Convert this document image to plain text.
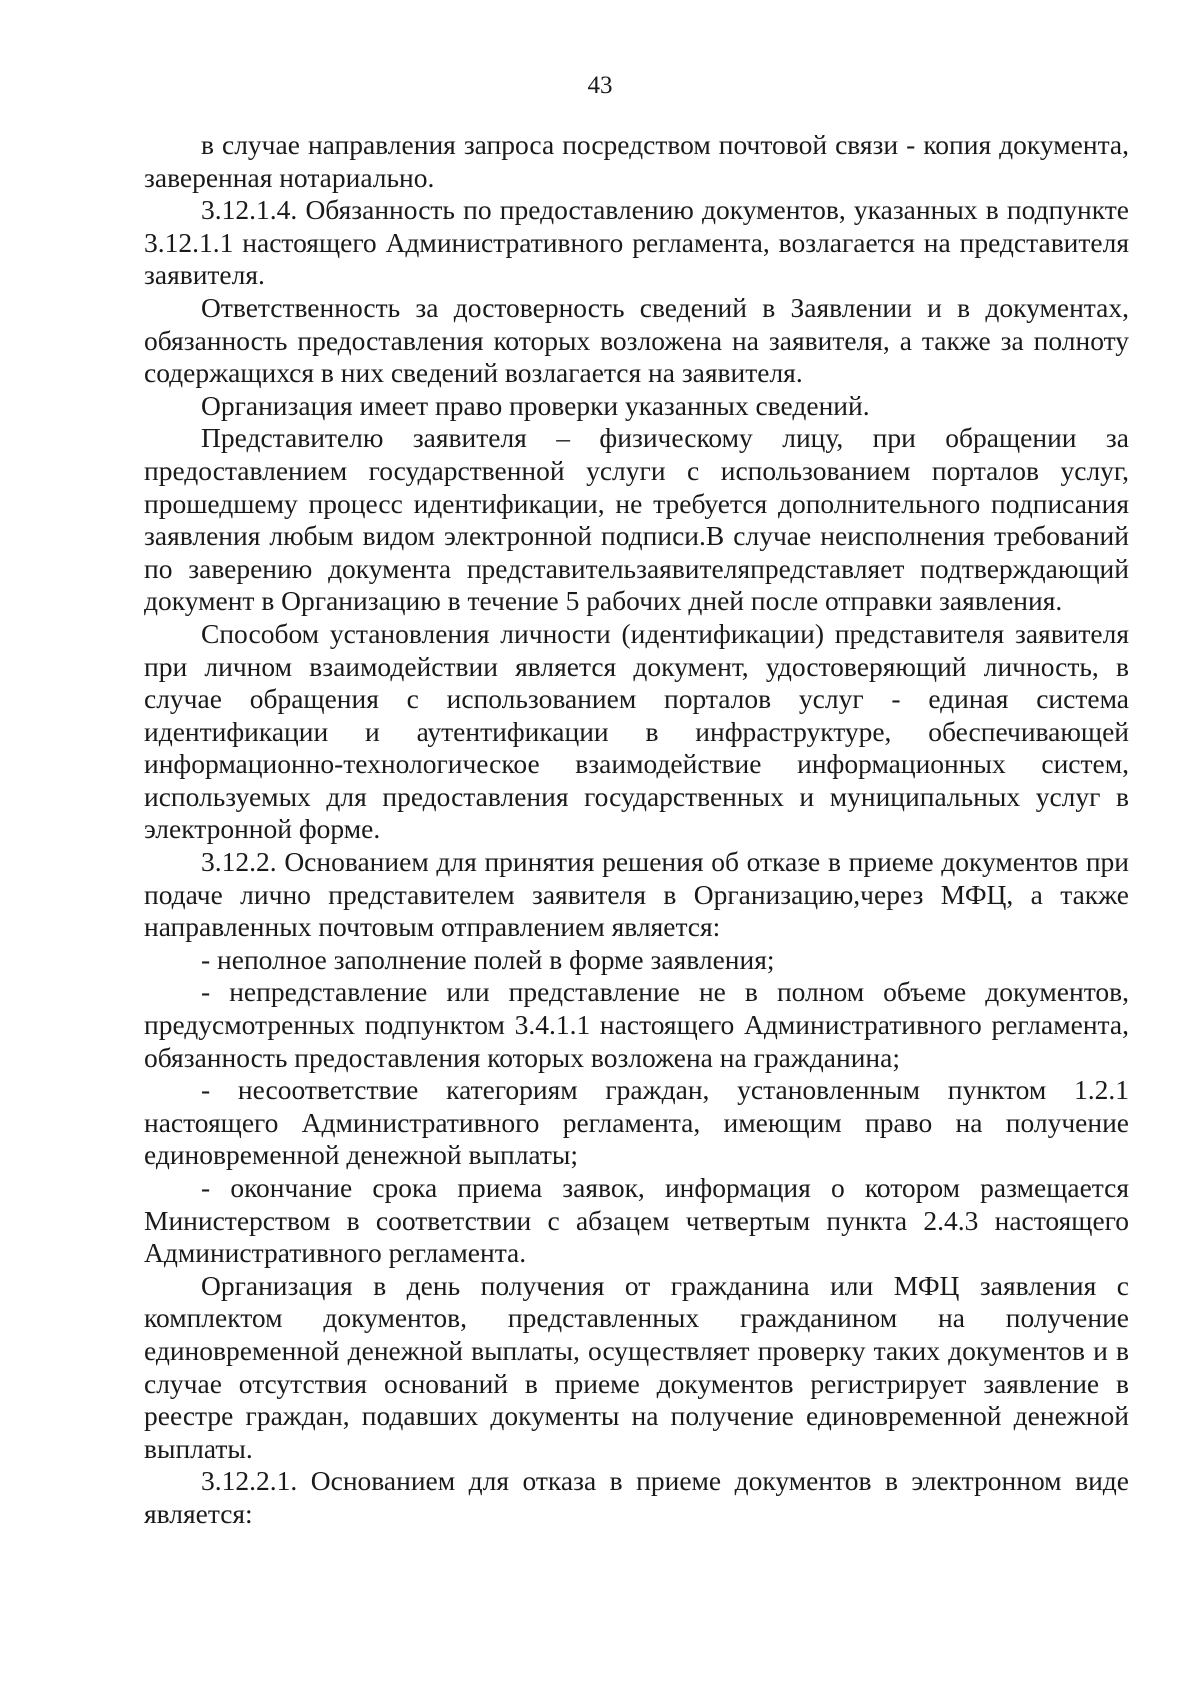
43

в случае направления запроса посредством почтовой связи - копия документа, заверенная нотариально.

3.12.1.4. Обязанность по предоставлению документов, указанных в подпункте 3.12.1.1 настоящего Административного регламента, возлагается на представителя заявителя.

Ответственность за достоверность сведений в Заявлении и в документах, обязанность предоставления которых возложена на заявителя, а также за полноту содержащихся в них сведений возлагается на заявителя.

Организация имеет право проверки указанных сведений.

Представителю заявителя – физическому лицу, при обращении за предоставлением государственной услуги с использованием порталов услуг, прошедшему процесс идентификации, не требуется дополнительного подписания заявления любым видом электронной подписи.В случае неисполнения требований по заверению документа представительзаявителяпредставляет подтверждающий документ в Организацию в течение 5 рабочих дней после отправки заявления.

Способом установления личности (идентификации) представителя заявителя при личном взаимодействии является документ, удостоверяющий личность, в случае обращения с использованием порталов услуг - единая система идентификации и аутентификации в инфраструктуре, обеспечивающей информационно-технологическое взаимодействие информационных систем, используемых для предоставления государственных и муниципальных услуг в электронной форме.

3.12.2. Основанием для принятия решения об отказе в приеме документов при подаче лично представителем заявителя в Организацию,через МФЦ, а также направленных почтовым отправлением является:

- неполное заполнение полей в форме заявления;

- непредставление или представление не в полном объеме документов, предусмотренных подпунктом 3.4.1.1 настоящего Административного регламента, обязанность предоставления которых возложена на гражданина;

- несоответствие категориям граждан, установленным пунктом 1.2.1 настоящего Административного регламента, имеющим право на получение единовременной денежной выплаты;

- окончание срока приема заявок, информация о котором размещается Министерством в соответствии с абзацем четвертым пункта 2.4.3 настоящего Административного регламента.

Организация в день получения от гражданина или МФЦ заявления с комплектом документов, представленных гражданином на получение единовременной денежной выплаты, осуществляет проверку таких документов и в случае отсутствия оснований в приеме документов регистрирует заявление в реестре граждан, подавших документы на получение единовременной денежной выплаты.

3.12.2.1. Основанием для отказа в приеме документов в электронном виде является:
